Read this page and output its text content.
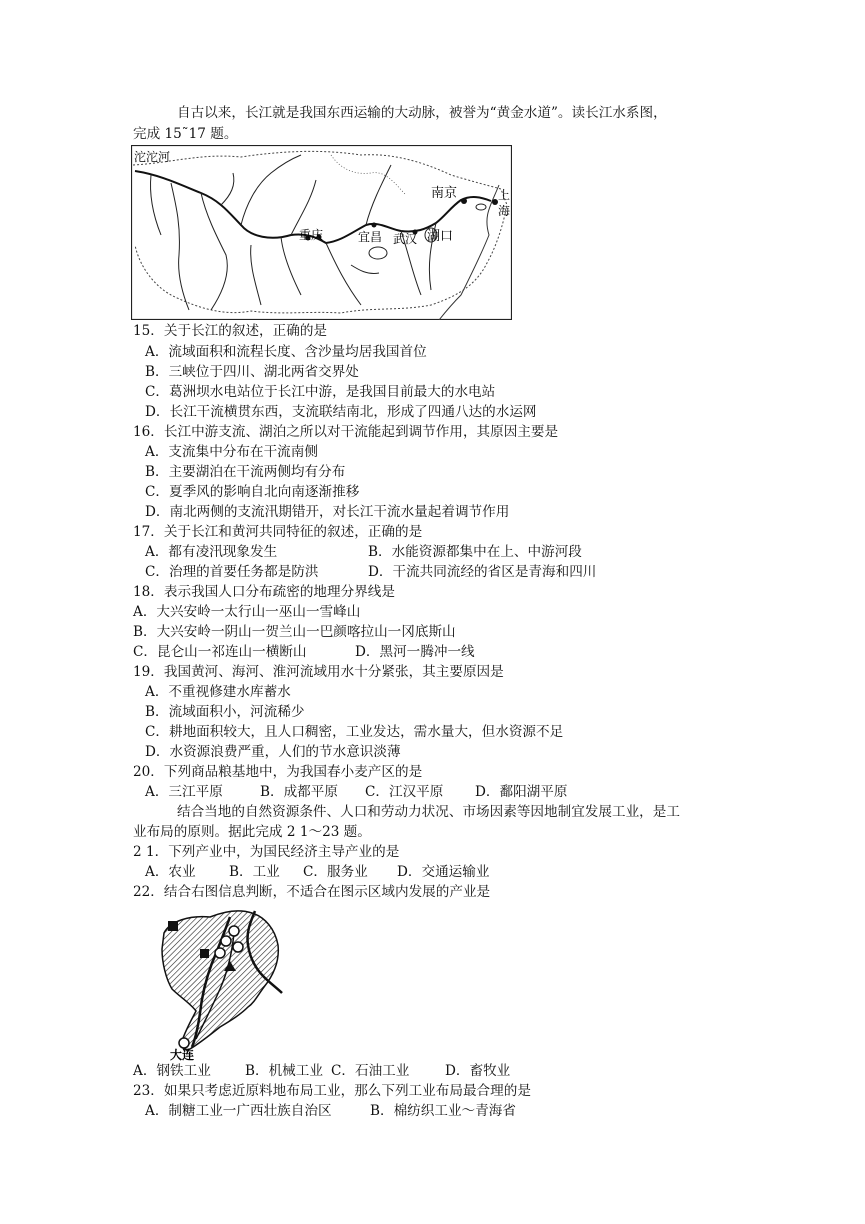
自古以来，长江就是我国东西运输的大动脉，被誉为“黄金水道”。读长江水系图，
完成 15˜17 题。
沱沱河
南京	上
海
宜昌 武汉
重庆	湖口
15．关于长江的叙述，正确的是
A．流域面积和流程长度、含沙量均居我国首位
B．三峡位于四川、湖北两省交界处
C．葛洲坝水电站位于长江中游，是我国目前最大的水电站
D．长江干流横贯东西，支流联结南北，形成了四通八达的水运网
16．长江中游支流、湖泊之所以对干流能起到调节作用，其原因主要是
A．支流集中分布在干流南侧
B．主要湖泊在干流两侧均有分布
C．夏季风的影响自北向南逐渐推移
D．南北两侧的支流汛期错开，对长江干流水量起着调节作用
17．关于长江和黄河共同特征的叙述，正确的是
A．都有凌汛现象发生	B．水能资源都集中在上、中游河段
C．治理的首要任务都是防洪	D．干流共同流经的省区是青海和四川
18．表示我国人口分布疏密的地理分界线是
A．大兴安岭一太行山一巫山一雪峰山
B．大兴安岭一阴山一贺兰山一巴颜喀拉山一冈底斯山
C．昆仑山一祁连山一横断山	D．黑河一腾冲一线
19．我国黄河、海河、淮河流域用水十分紧张，其主要原因是
A．不重视修建水库蓄水
B．流域面积小，河流稀少
C．耕地面积较大，且人口稠密，工业发达，需水量大，但水资源不足
D．水资源浪费严重，人们的节水意识淡薄
20．下列商品粮基地中，为我国春小麦产区的是
A．三江平原	B．成都平原 C．江汉平原 D．鄱阳湖平原
结合当地的自然资源条件、人口和劳动力状况、市场因素等因地制宜发展工业，是工
业布局的原则。据此完成 2 1～23 题。
2 1．下列产业中，为国民经济主导产业的是
A．农业 B．工业 C．服务业 D．交通运输业
22．结合右图信息判断，不适合在图示区域内发展的产业是
大连
A．钢铁工业	B．机械工业 C．石油工业	D．畜牧业
23．如果只考虑近原料地布局工业，那么下列工业布局最合理的是
A．制糖工业一广西壮族自治区	B．棉纺织工业～青海省
